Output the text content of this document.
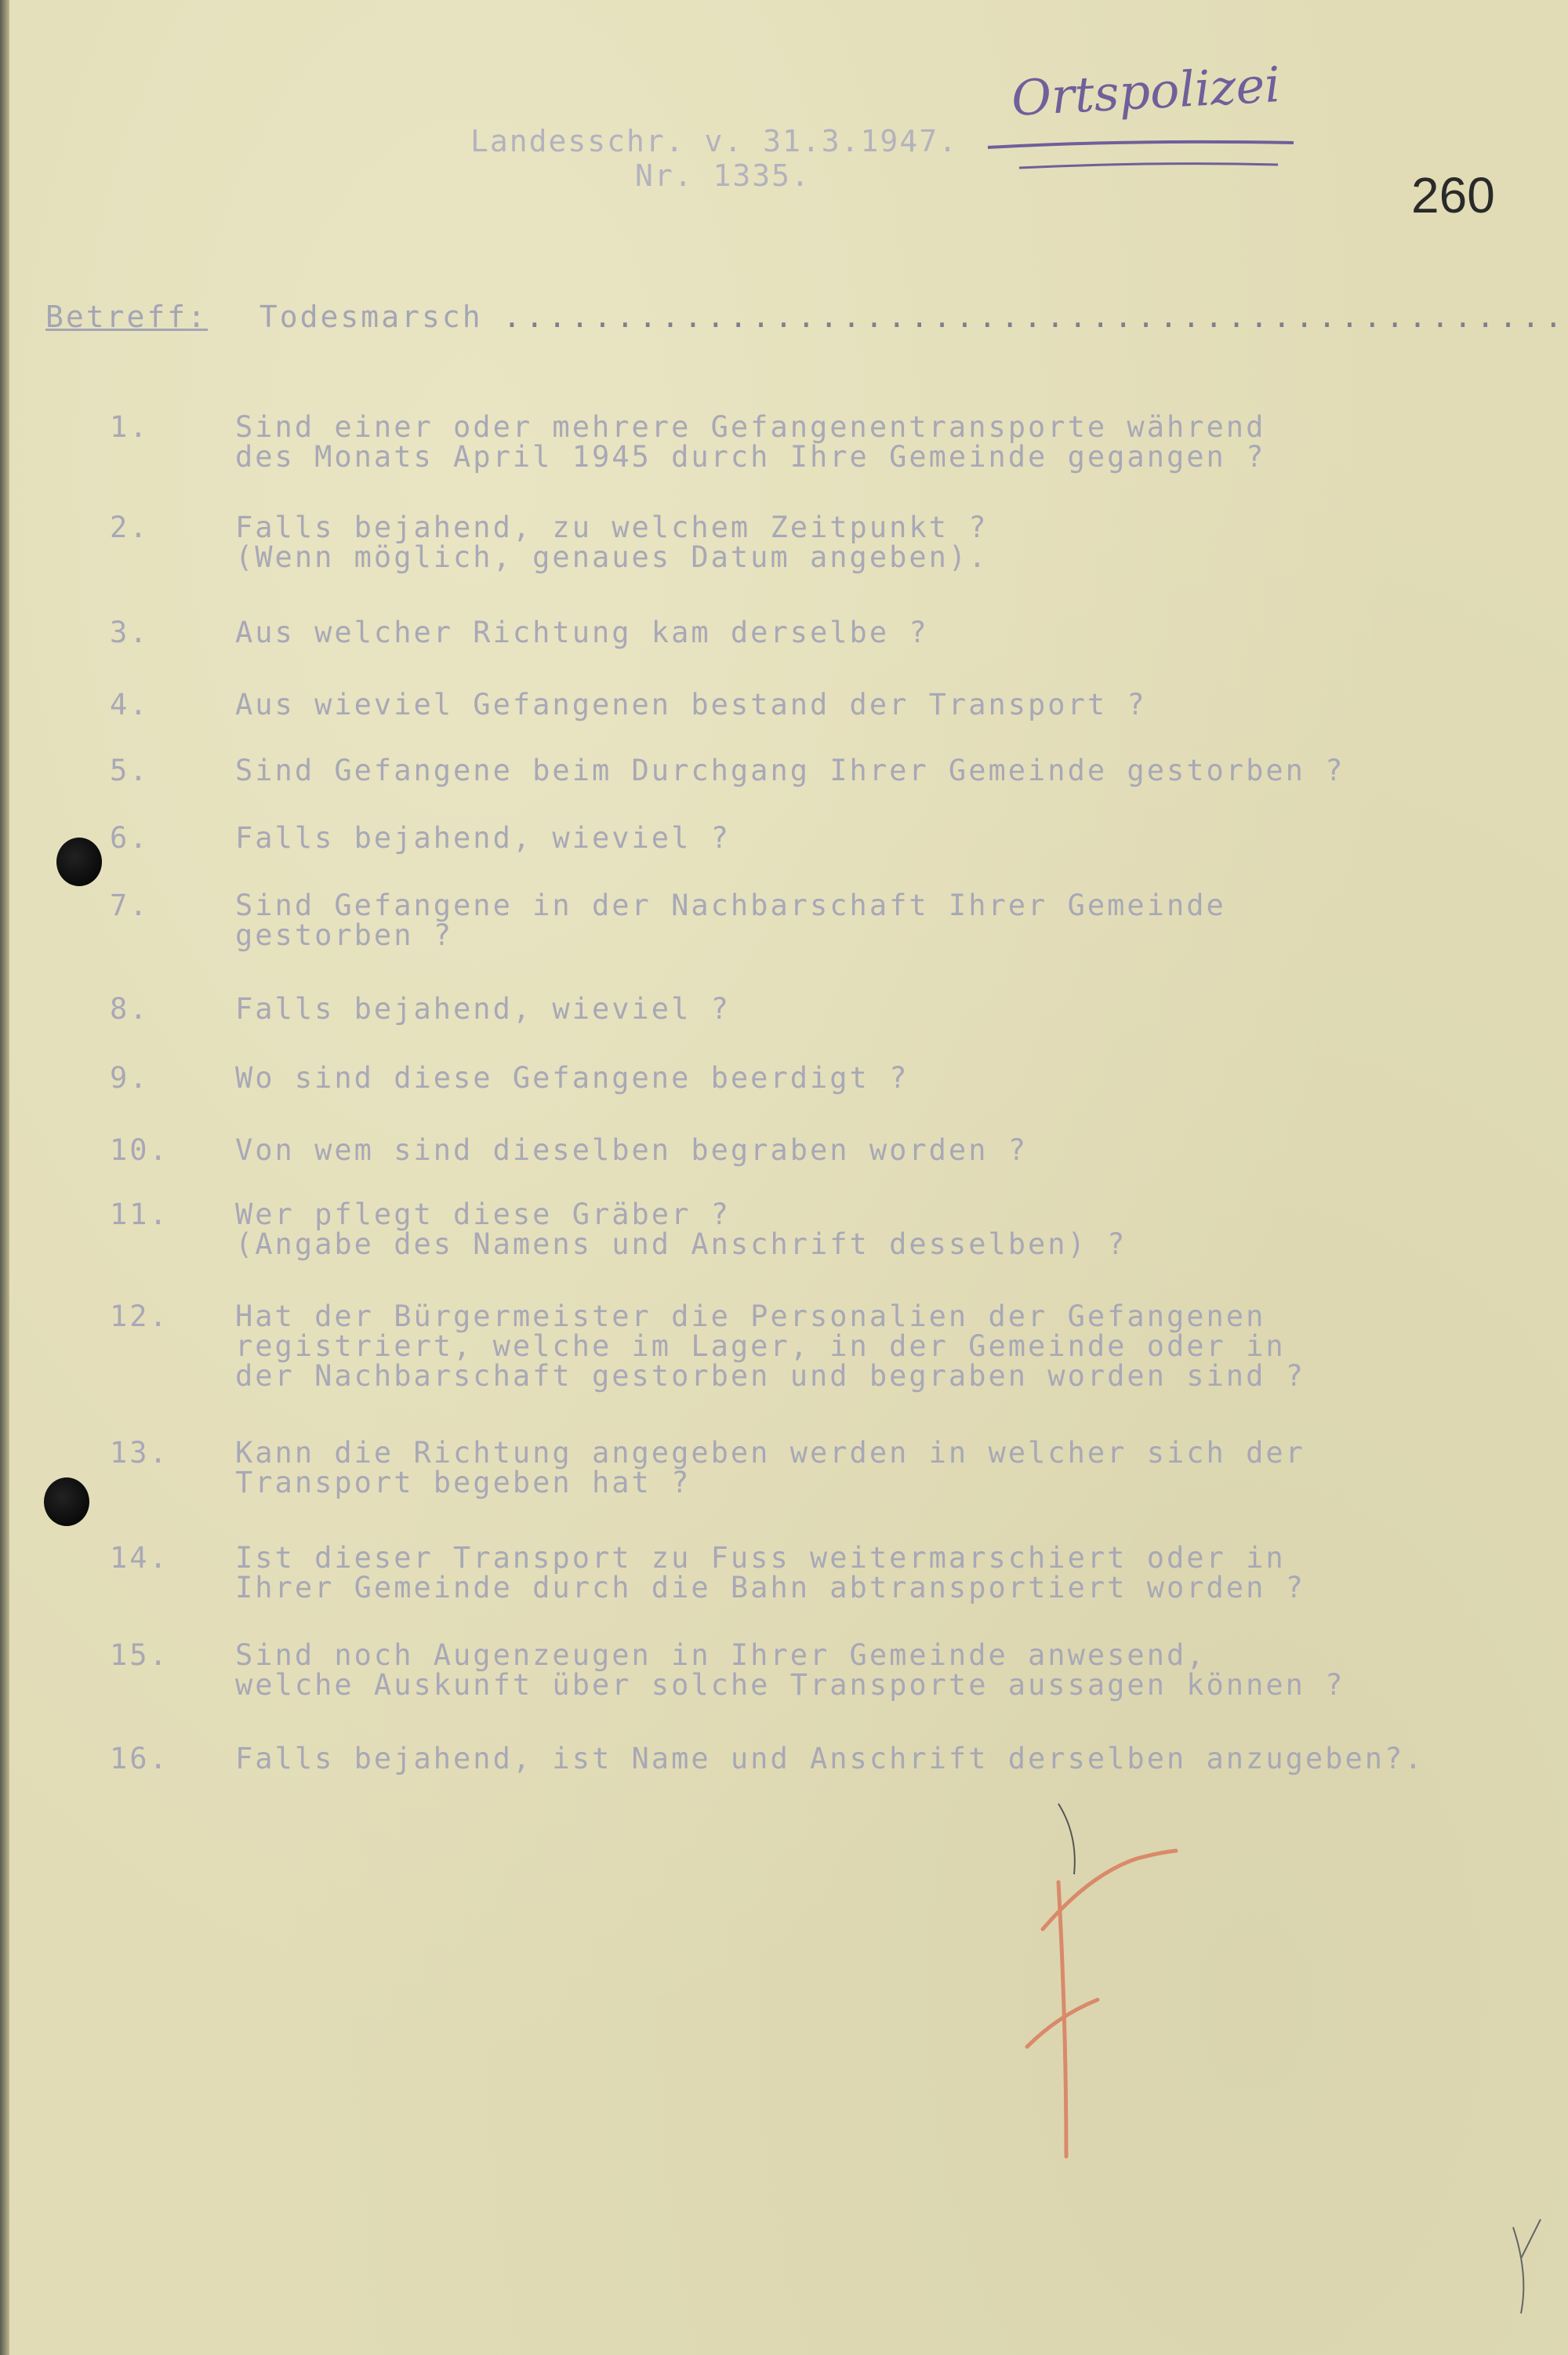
Landesschr. v. 31.3.1947.
Nr. 1335.
Ortspolizei
260
Betreff: Todesmarsch ...............................................
1.	Sind einer oder mehrere Gefangenentransporte während
des Monats April 1945 durch Ihre Gemeinde gegangen ?
2.	Falls bejahend, zu welchem Zeitpunkt ?
(Wenn möglich, genaues Datum angeben).
3.	Aus welcher Richtung kam derselbe ?
4.	Aus wieviel Gefangenen bestand der Transport ?
5.	Sind Gefangene beim Durchgang Ihrer Gemeinde gestorben ?
6.	Falls bejahend, wieviel ?
7.	Sind Gefangene in der Nachbarschaft Ihrer Gemeinde
gestorben ?
8.	Falls bejahend, wieviel ?
9.	Wo sind diese Gefangene beerdigt ?
10. Von wem sind dieselben begraben worden ?
11. Wer pflegt diese Gräber ?
(Angabe des Namens und Anschrift desselben) ?
12. Hat der Bürgermeister die Personalien der Gefangenen
registriert, welche im Lager, in der Gemeinde oder in
der Nachbarschaft gestorben und begraben worden sind ?
13. Kann die Richtung angegeben werden in welcher sich der
Transport begeben hat ?
14. Ist dieser Transport zu Fuss weitermarschiert oder in
Ihrer Gemeinde durch die Bahn abtransportiert worden ?
15. Sind noch Augenzeugen in Ihrer Gemeinde anwesend,
welche Auskunft über solche Transporte aussagen können ?
16. Falls bejahend, ist Name und Anschrift derselben anzugeben?.
